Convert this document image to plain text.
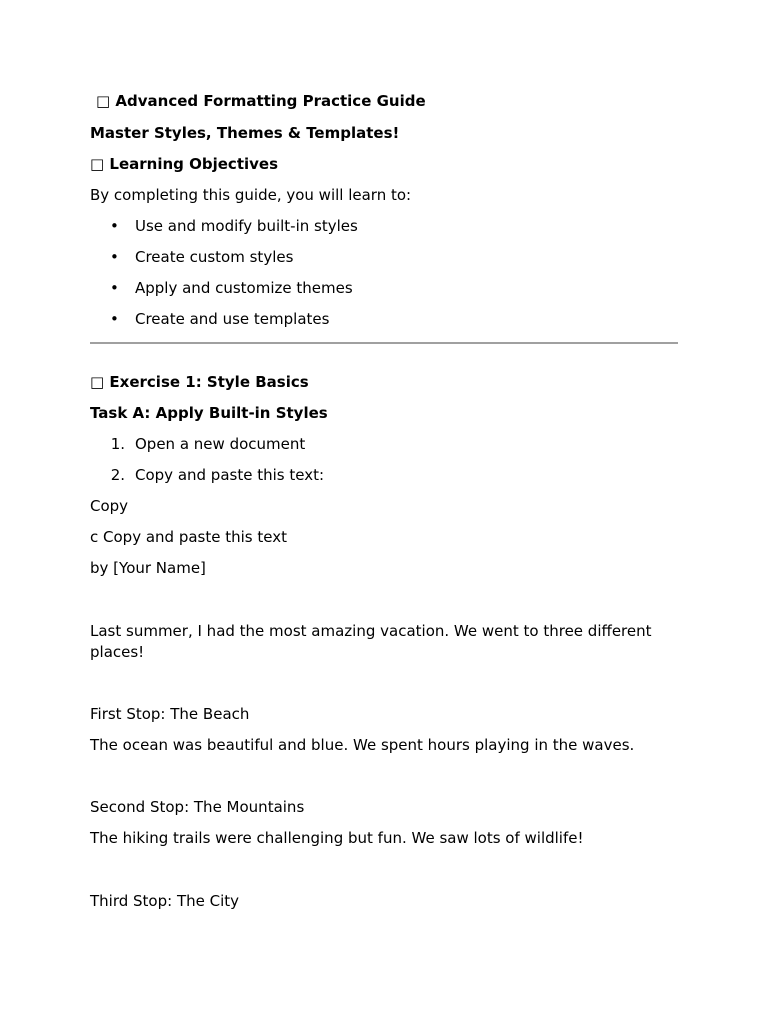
□ Advanced Formatting Practice Guide

Master Styles, Themes & Templates!

□ Learning Objectives

By completing this guide, you will learn to:

•	Use and modify built-in styles
•	Create custom styles
•	Apply and customize themes
•	Create and use templates

□ Exercise 1: Style Basics

Task A: Apply Built-in Styles

1. Open a new document
2. Copy and paste this text:

Copy

c Copy and paste this text

by [Your Name]

Last summer, I had the most amazing vacation. We went to three different places!

First Stop: The Beach

The ocean was beautiful and blue. We spent hours playing in the waves.

Second Stop: The Mountains

The hiking trails were challenging but fun. We saw lots of wildlife!

Third Stop: The City
